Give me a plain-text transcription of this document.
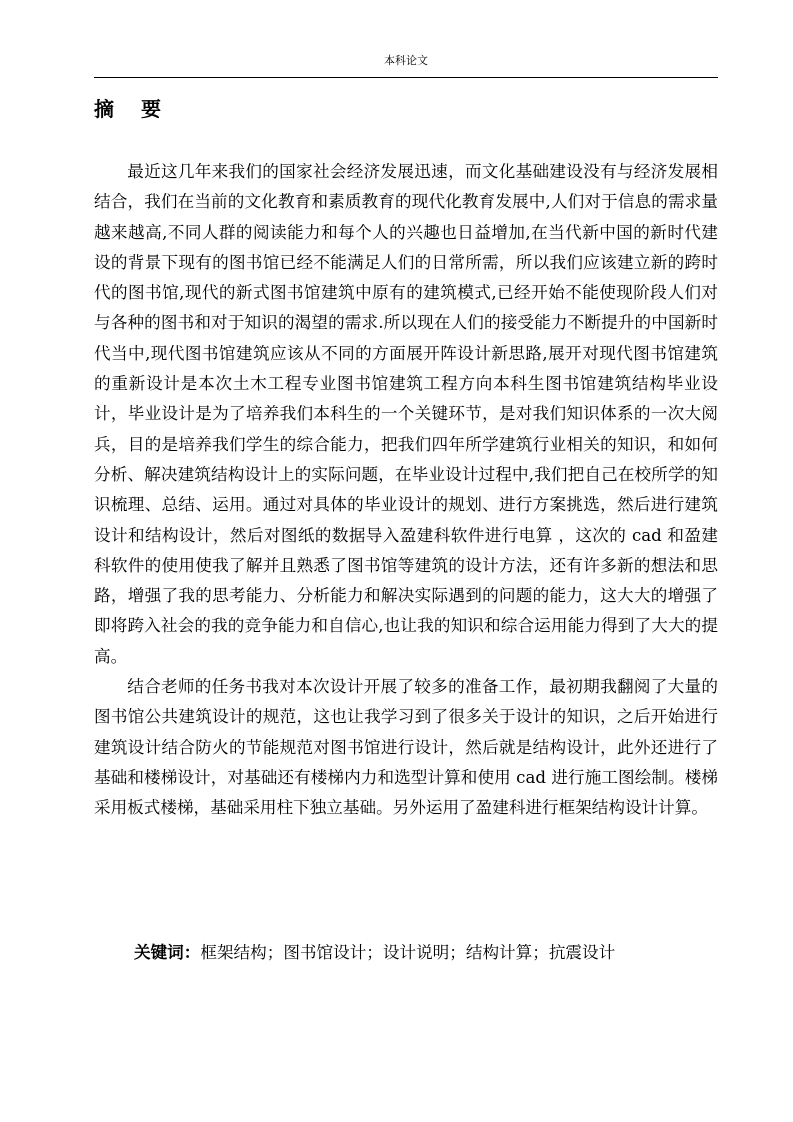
本科论文
摘要

最近这几年来我们的国家社会经济发展迅速，而文化基础建设没有与经济发展相结合，我们在当前的文化教育和素质教育的现代化教育发展中,人们对于信息的需求量越来越高,不同人群的阅读能力和每个人的兴趣也日益增加,在当代新中国的新时代建设的背景下现有的图书馆已经不能满足人们的日常所需，所以我们应该建立新的跨时代的图书馆,现代的新式图书馆建筑中原有的建筑模式,已经开始不能使现阶段人们对与各种的图书和对于知识的渴望的需求.所以现在人们的接受能力不断提升的中国新时代当中,现代图书馆建筑应该从不同的方面展开阵设计新思路,展开对现代图书馆建筑的重新设计是本次土木工程专业图书馆建筑工程方向本科生图书馆建筑结构毕业设计，毕业设计是为了培养我们本科生的一个关键环节，是对我们知识体系的一次大阅兵，目的是培养我们学生的综合能力，把我们四年所学建筑行业相关的知识，和如何分析、解决建筑结构设计上的实际问题，在毕业设计过程中,我们把自己在校所学的知识梳理、总结、运用。通过对具体的毕业设计的规划、进行方案挑选，然后进行建筑设计和结构设计，然后对图纸的数据导入盈建科软件进行电算 ，这次的 cad 和盈建科软件的使用使我了解并且熟悉了图书馆等建筑的设计方法，还有许多新的想法和思路，增强了我的思考能力、分析能力和解决实际遇到的问题的能力，这大大的增强了即将跨入社会的我的竞争能力和自信心,也让我的知识和综合运用能力得到了大大的提高。

结合老师的任务书我对本次设计开展了较多的准备工作，最初期我翻阅了大量的图书馆公共建筑设计的规范，这也让我学习到了很多关于设计的知识，之后开始进行建筑设计结合防火的节能规范对图书馆进行设计，然后就是结构设计，此外还进行了基础和楼梯设计，对基础还有楼梯内力和选型计算和使用 cad 进行施工图绘制。楼梯采用板式楼梯，基础采用柱下独立基础。另外运用了盈建科进行框架结构设计计算。

关键词：框架结构；图书馆设计；设计说明；结构计算；抗震设计
